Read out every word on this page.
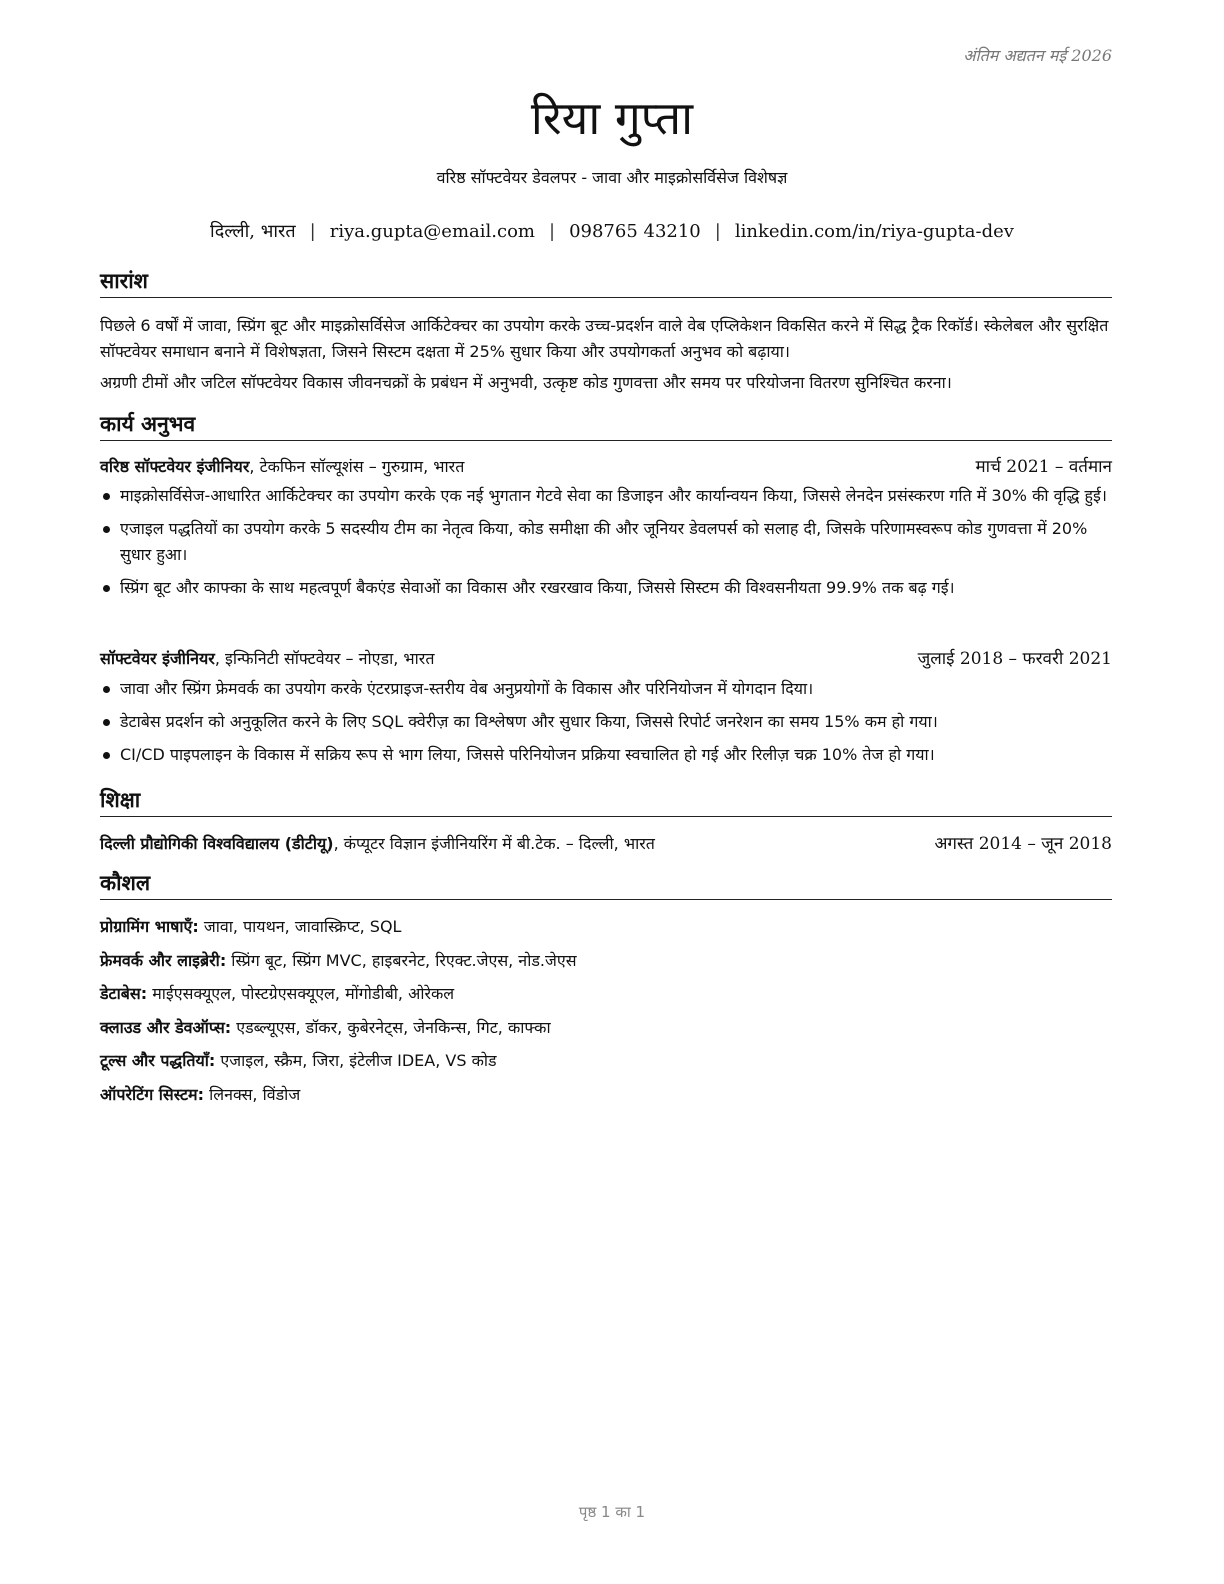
अंतिम अद्यतन मई 2026
रिया गुप्ता
वरिष्ठ सॉफ्टवेयर डेवलपर - जावा और माइक्रोसर्विसेज विशेषज्ञ
दिल्ली, भारत | riya.gupta@email.com | 098765 43210 | linkedin.com/in/riya-gupta-dev
सारांश
पिछले 6 वर्षों में जावा, स्प्रिंग बूट और माइक्रोसर्विसेज आर्किटेक्चर का उपयोग करके उच्च-प्रदर्शन वाले वेब एप्लिकेशन विकसित करने में सिद्ध ट्रैक रिकॉर्ड। स्केलेबल और सुरक्षित सॉफ्टवेयर समाधान बनाने में विशेषज्ञता, जिसने सिस्टम दक्षता में 25% सुधार किया और उपयोगकर्ता अनुभव को बढ़ाया।
अग्रणी टीमों और जटिल सॉफ्टवेयर विकास जीवनचक्रों के प्रबंधन में अनुभवी, उत्कृष्ट कोड गुणवत्ता और समय पर परियोजना वितरण सुनिश्चित करना।
कार्य अनुभव
वरिष्ठ सॉफ्टवेयर इंजीनियर, टेकफिन सॉल्यूशंस – गुरुग्राम, भारत	मार्च 2021 – वर्तमान
माइक्रोसर्विसेज-आधारित आर्किटेक्चर का उपयोग करके एक नई भुगतान गेटवे सेवा का डिजाइन और कार्यान्वयन किया, जिससे लेनदेन प्रसंस्करण गति में 30% की वृद्धि हुई।
एजाइल पद्धतियों का उपयोग करके 5 सदस्यीय टीम का नेतृत्व किया, कोड समीक्षा की और जूनियर डेवलपर्स को सलाह दी, जिसके परिणामस्वरूप कोड गुणवत्ता में 20% सुधार हुआ।
स्प्रिंग बूट और काफ्का के साथ महत्वपूर्ण बैकएंड सेवाओं का विकास और रखरखाव किया, जिससे सिस्टम की विश्वसनीयता 99.9% तक बढ़ गई।
सॉफ्टवेयर इंजीनियर, इन्फिनिटी सॉफ्टवेयर – नोएडा, भारत	जुलाई 2018 – फरवरी 2021
जावा और स्प्रिंग फ्रेमवर्क का उपयोग करके एंटरप्राइज-स्तरीय वेब अनुप्रयोगों के विकास और परिनियोजन में योगदान दिया।
डेटाबेस प्रदर्शन को अनुकूलित करने के लिए SQL क्वेरीज़ का विश्लेषण और सुधार किया, जिससे रिपोर्ट जनरेशन का समय 15% कम हो गया।
CI/CD पाइपलाइन के विकास में सक्रिय रूप से भाग लिया, जिससे परिनियोजन प्रक्रिया स्वचालित हो गई और रिलीज़ चक्र 10% तेज हो गया।
शिक्षा
दिल्ली प्रौद्योगिकी विश्वविद्यालय (डीटीयू), कंप्यूटर विज्ञान इंजीनियरिंग में बी.टेक. – दिल्ली, भारत	अगस्त 2014 – जून 2018
कौशल
प्रोग्रामिंग भाषाएँ: जावा, पायथन, जावास्क्रिप्ट, SQL
फ्रेमवर्क और लाइब्रेरी: स्प्रिंग बूट, स्प्रिंग MVC, हाइबरनेट, रिएक्ट.जेएस, नोड.जेएस
डेटाबेस: माईएसक्यूएल, पोस्टग्रेएसक्यूएल, मोंगोडीबी, ओरेकल
क्लाउड और डेवऑप्स: एडब्ल्यूएस, डॉकर, कुबेरनेट्स, जेनकिन्स, गिट, काफ्का
टूल्स और पद्धतियाँ: एजाइल, स्क्रैम, जिरा, इंटेलीज IDEA, VS कोड
ऑपरेटिंग सिस्टम: लिनक्स, विंडोज
पृष्ठ 1 का 1
